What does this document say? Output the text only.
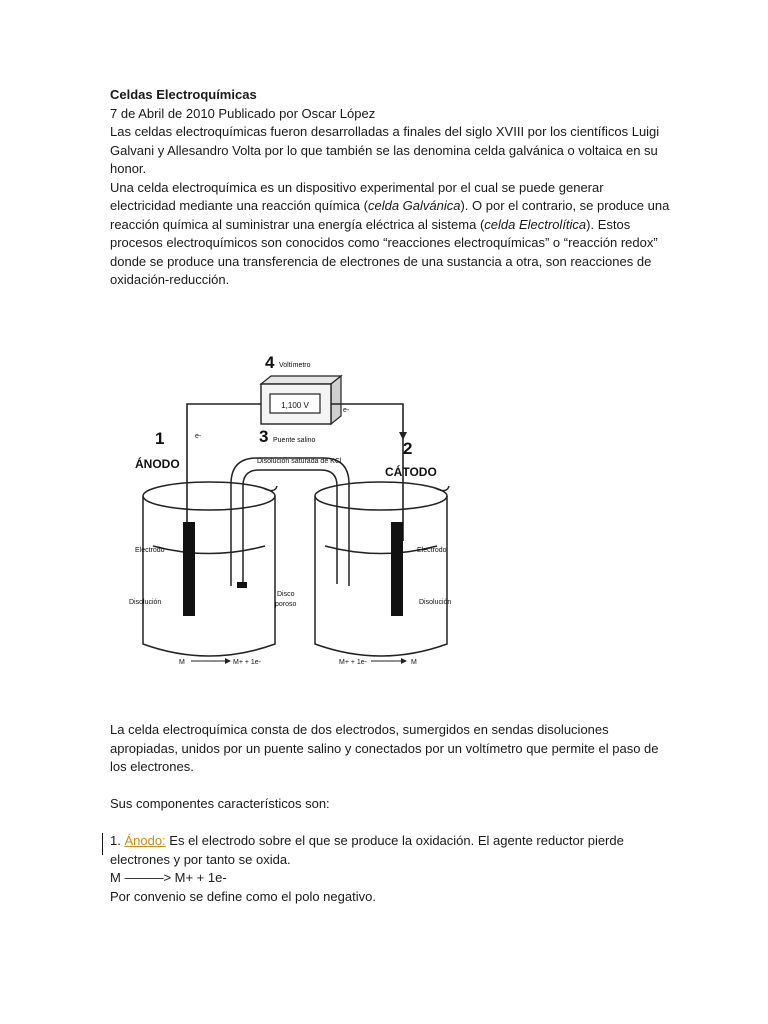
Celdas Electroquímicas

7 de Abril de 2010 Publicado por Oscar López

Las celdas electroquímicas fueron desarrolladas a finales del siglo XVIII por los científicos Luigi Galvani y Allesandro Volta por lo que también se las denomina celda galvánica o voltaica en su honor.

Una celda electroquímica es un dispositivo experimental por el cual se puede generar electricidad mediante una reacción química (celda Galvánica). O por el contrario, se produce una reacción química al suministrar una energía eléctrica al sistema (celda Electrolítica). Estos procesos electroquímicos son conocidos como “reacciones electroquímicas” o “reacción redox” donde se produce una transferencia de electrones de una sustancia a otra, son reacciones de oxidación-reducción.

1,100 V
4 Voltímetro
e-
e-
3 Puente salino
Disolución saturada de KCl
1
ÁNODO
Electrodo
Disolución
Disco
poroso
2
CÁTODO
Electrodo
Disolución
M	M+ + 1e-	M+ + 1e-	M

La celda electroquímica consta de dos electrodos, sumergidos en sendas disoluciones apropiadas, unidos por un puente salino y conectados por un voltímetro que permite el paso de los electrones.

Sus componentes característicos son:

1. Ánodo: Es el electrodo sobre el que se produce la oxidación. El agente reductor pierde electrones y por tanto se oxida.

M ———> M+ + 1e-

Por convenio se define como el polo negativo.
